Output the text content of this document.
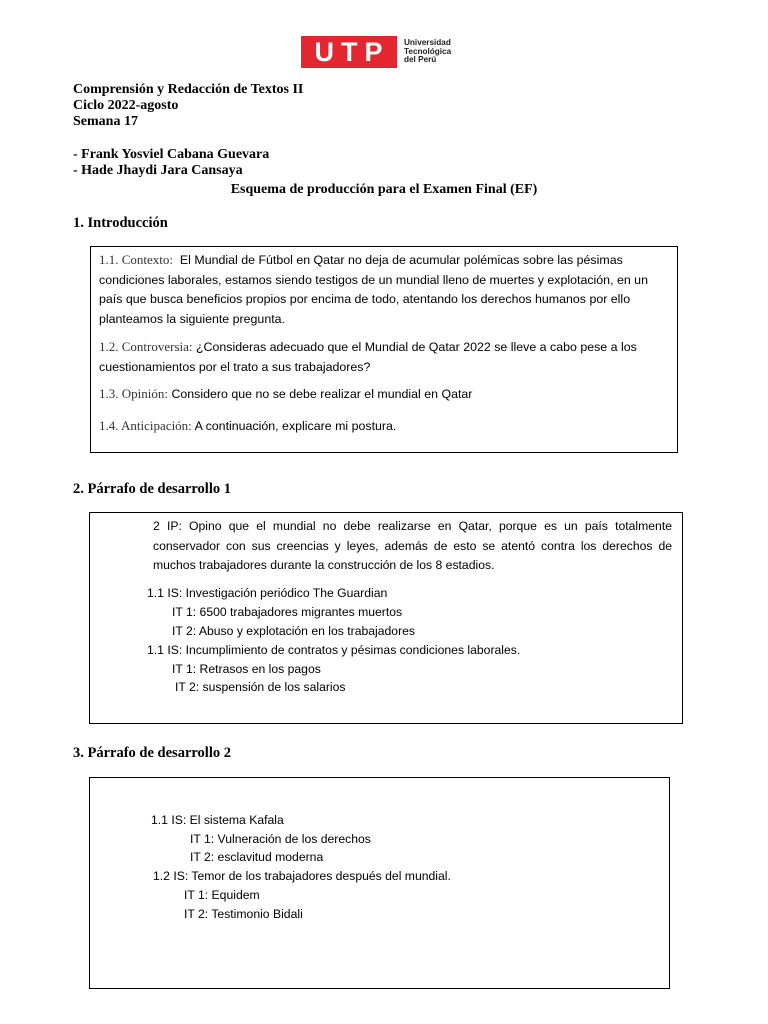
UTP	Universidad
Tecnológica
del Perú
Comprensión y Redacción de Textos II
Ciclo 2022-agosto
Semana 17
- Frank Yosviel Cabana Guevara
- Hade Jhaydi Jara Cansaya
Esquema de producción para el Examen Final (EF)
1. Introducción
1.1. Contexto: El Mundial de Fútbol en Qatar no deja de acumular polémicas sobre las pésimas condiciones laborales, estamos siendo testigos de un mundial lleno de muertes y explotación, en un país que busca beneficios propios por encima de todo, atentando los derechos humanos por ello planteamos la siguiente pregunta.
1.2. Controversia: ¿Consideras adecuado que el Mundial de Qatar 2022 se lleve a cabo pese a los cuestionamientos por el trato a sus trabajadores?
1.3. Opinión: Considero que no se debe realizar el mundial en Qatar
1.4. Anticipación: A continuación, explicare mi postura.
2. Párrafo de desarrollo 1
2 IP: Opino que el mundial no debe realizarse en Qatar, porque es un país totalmente conservador con sus creencias y leyes, además de esto se atentó contra los derechos de muchos trabajadores durante la construcción de los 8 estadios.
1.1 IS: Investigación periódico The Guardian
IT 1: 6500 trabajadores migrantes muertos
IT 2: Abuso y explotación en los trabajadores
1.1 IS: Incumplimiento de contratos y pésimas condiciones laborales.
IT 1: Retrasos en los pagos
IT 2: suspensión de los salarios
3. Párrafo de desarrollo 2
1.1 IS: El sistema Kafala
IT 1: Vulneración de los derechos
IT 2: esclavitud moderna
1.2 IS: Temor de los trabajadores después del mundial.
IT 1: Equidem
IT 2: Testimonio Bidali
